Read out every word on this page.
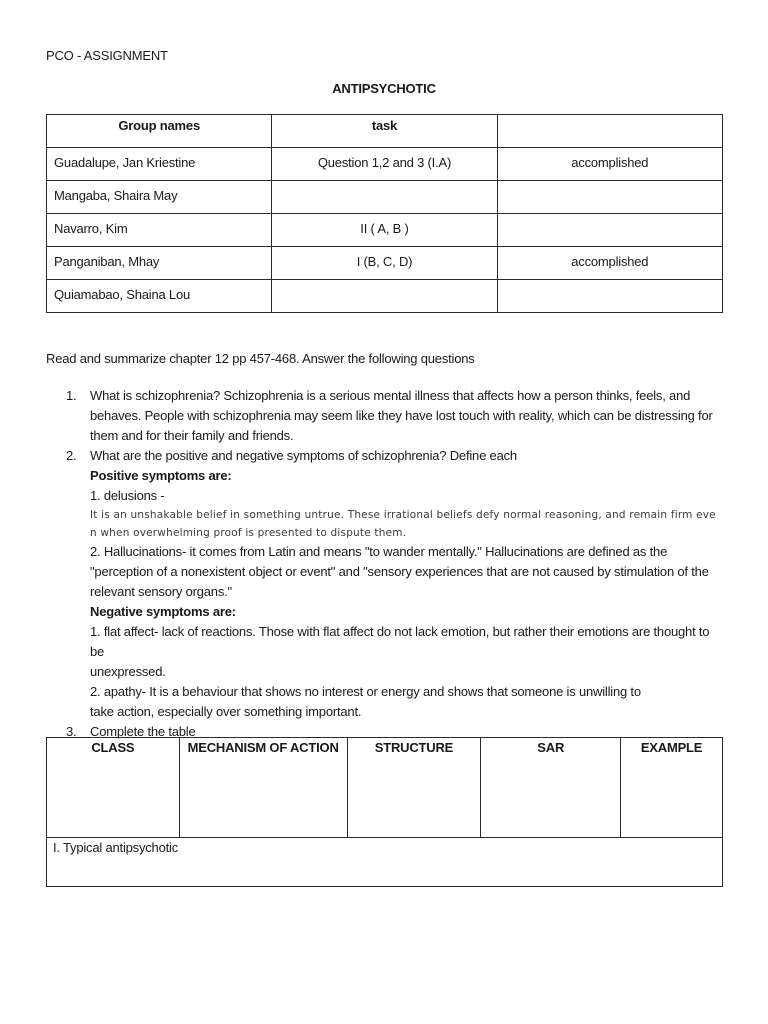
PCO - ASSIGNMENT
ANTIPSYCHOTIC
Group names	task	
Guadalupe, Jan Kriestine	Question 1,2 and 3 (I.A)	accomplished
Mangaba, Shaira May		
Navarro, Kim	II ( A, B )	
Panganiban, Mhay	I (B, C, D)	accomplished
Quiamabao, Shaina Lou		
Read and summarize chapter 12 pp 457-468. Answer the following questions
1. What is schizophrenia? Schizophrenia is a serious mental illness that affects how a person thinks, feels, and
behaves. People with schizophrenia may seem like they have lost touch with reality, which can be distressing for
them and for their family and friends.
2. What are the positive and negative symptoms of schizophrenia? Define each
Positive symptoms are:
1. delusions -
It is an unshakable belief in something untrue. These irrational beliefs defy normal reasoning, and remain firm eve
n when overwhelming proof is presented to dispute them.
2. Hallucinations- it comes from Latin and means "to wander mentally." Hallucinations are defined as the
"perception of a nonexistent object or event" and "sensory experiences that are not caused by stimulation of the
relevant sensory organs."
Negative symptoms are:
1. flat affect- lack of reactions. Those with flat affect do not lack emotion, but rather their emotions are thought to be
unexpressed.
2. apathy- It is a behaviour that shows no interest or energy and shows that someone is unwilling to
take action, especially over something important.
3. Complete the table
CLASS	MECHANISM OF ACTION	STRUCTURE	SAR	EXAMPLE
I. Typical antipsychotic
